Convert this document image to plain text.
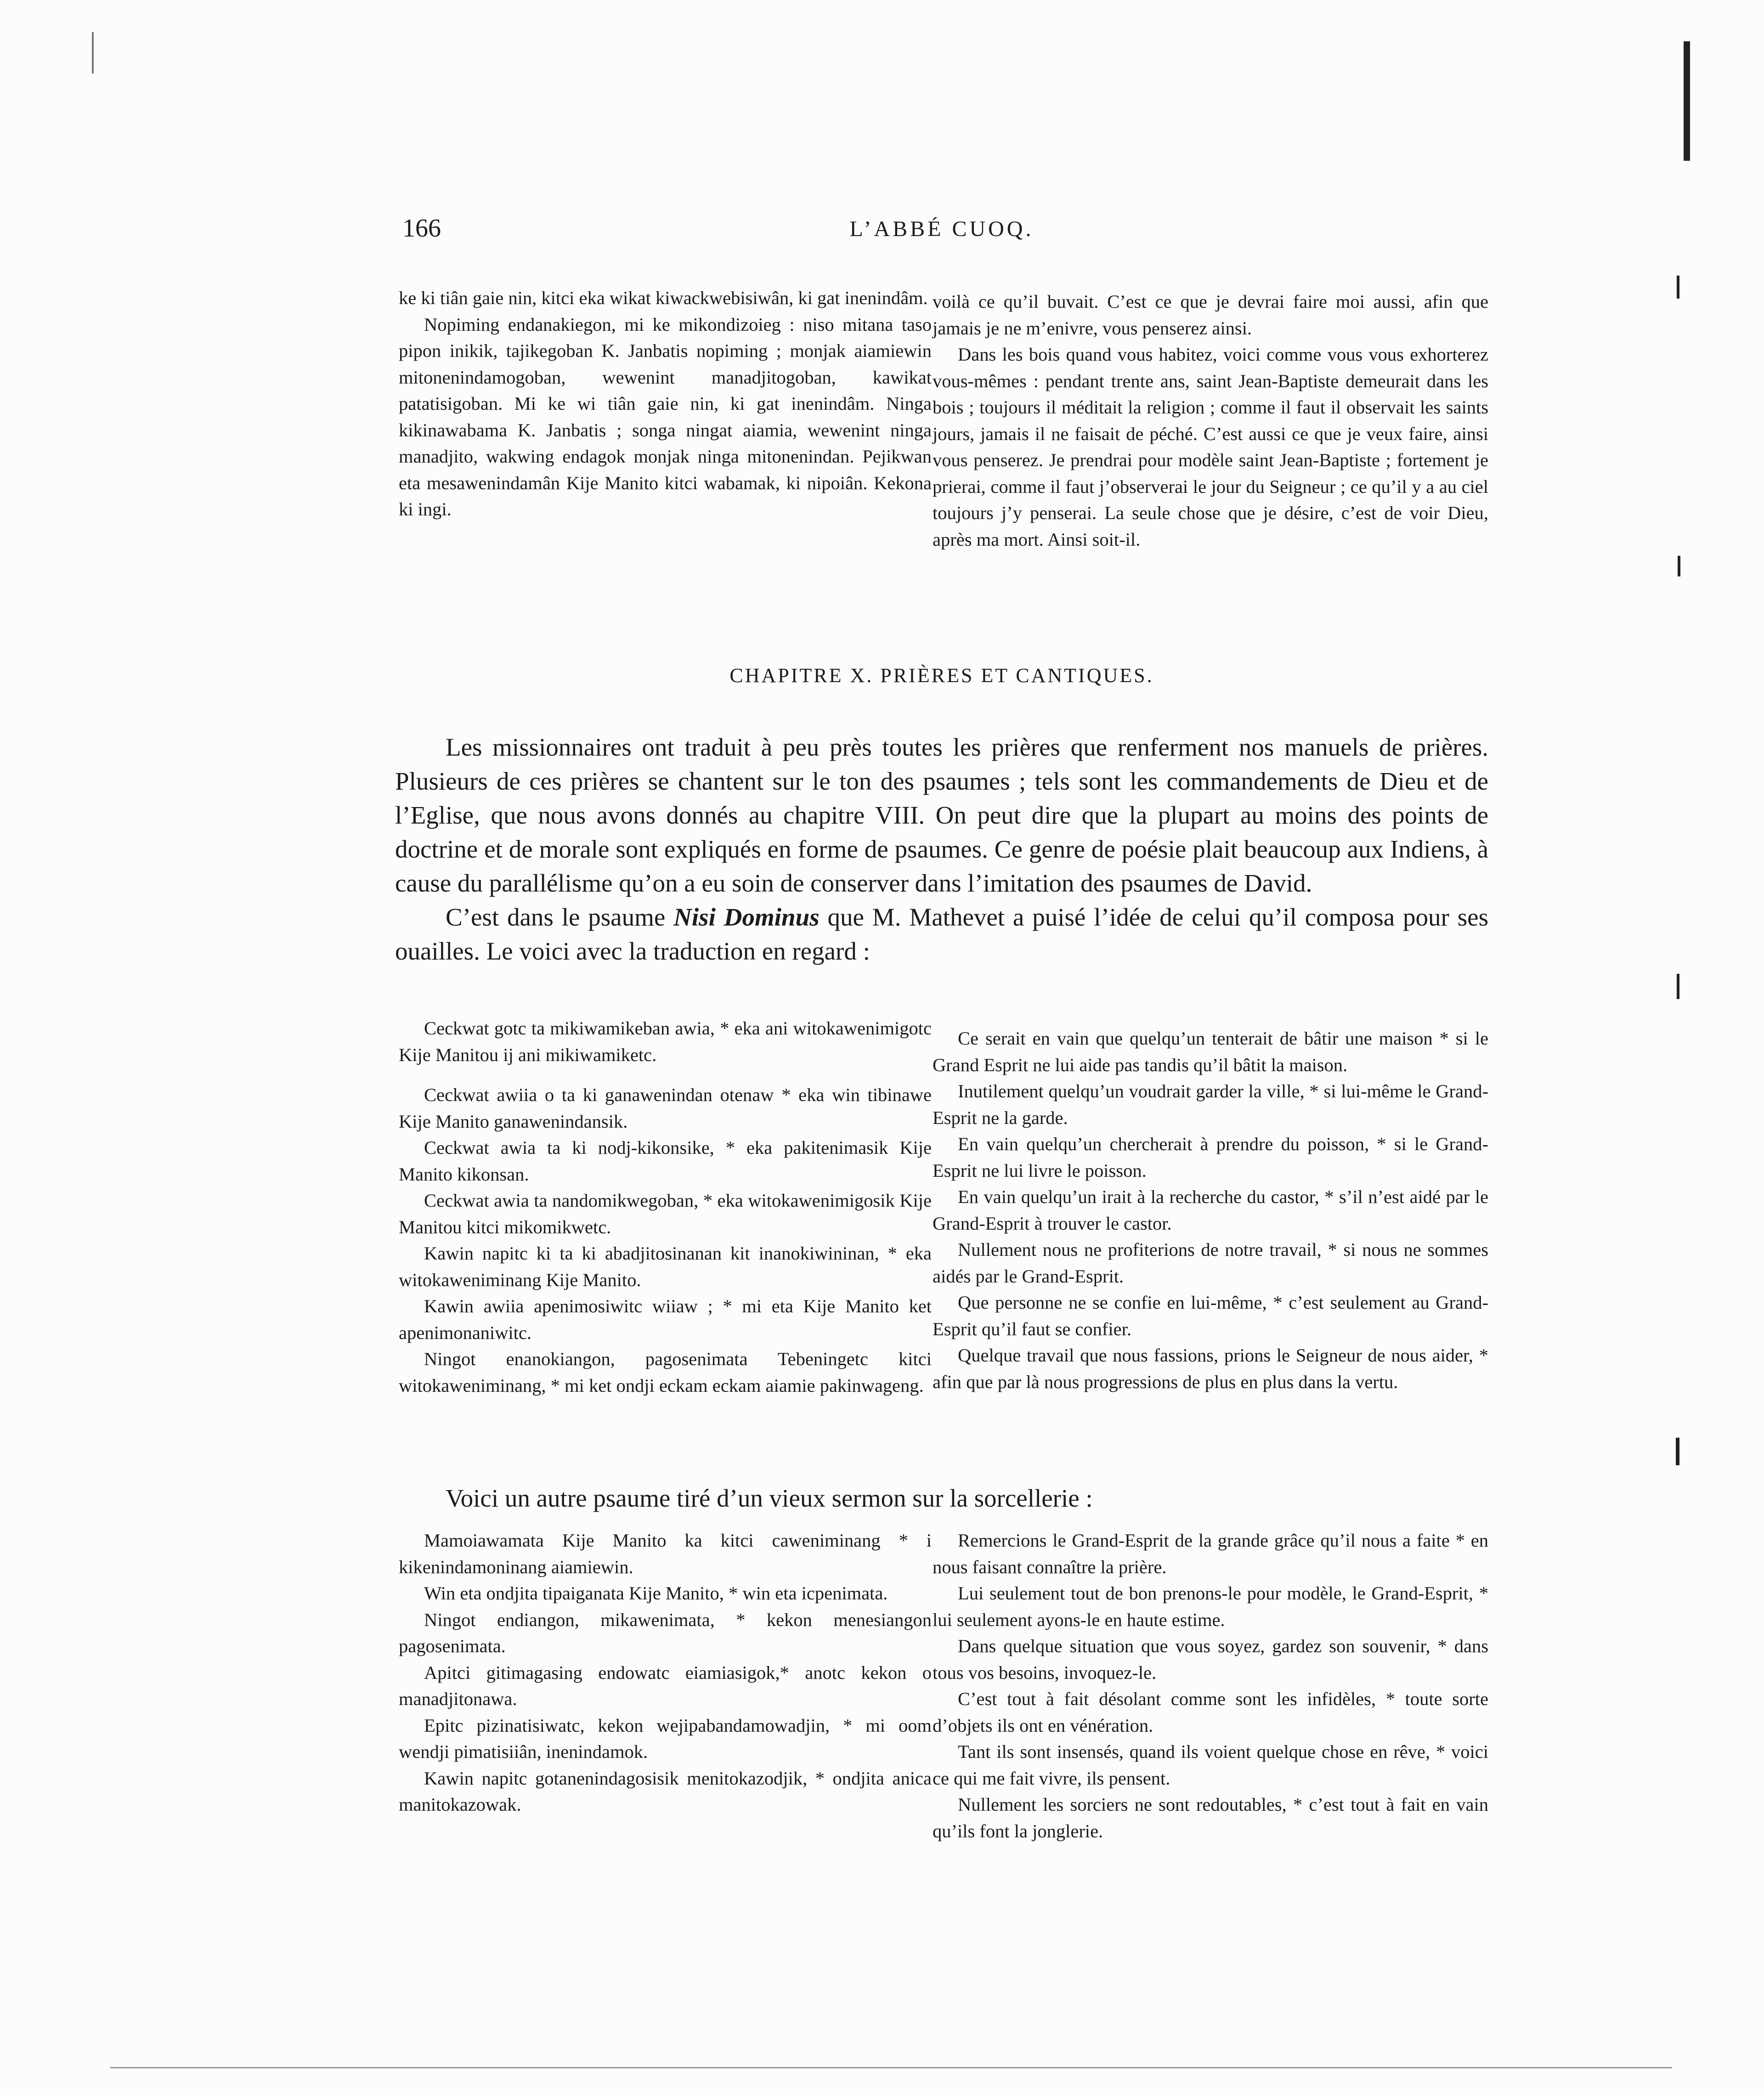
166	L’ABBÉ CUOQ.

ke ki tiân gaie nin, kitci eka wikat kiwackwebisiwân, ki gat inenindâm.

Nopiming endanakiegon, mi ke mikondizoieg : niso mitana taso pipon inikik, tajikegoban K. Janbatis nopiming ; monjak aiamiewin mitonenindamogoban, wewenint manadjitogoban, kawikat patatisigoban. Mi ke wi tiân gaie nin, ki gat inenindâm. Ninga kikinawabama K. Janbatis ; songa ningat aiamia, wewenint ninga manadjito, wakwing endagok monjak ninga mitonenindan. Pejikwan eta mesawenindamân Kije Manito kitci wabamak, ki nipoiân. Kekona ki ingi.

voilà ce qu’il buvait. C’est ce que je devrai faire moi aussi, afin que jamais je ne m’enivre, vous penserez ainsi.

Dans les bois quand vous habitez, voici comme vous vous exhorterez vous-mêmes : pendant trente ans, saint Jean-Baptiste demeurait dans les bois ; toujours il méditait la religion ; comme il faut il observait les saints jours, jamais il ne faisait de péché. C’est aussi ce que je veux faire, ainsi vous penserez. Je prendrai pour modèle saint Jean-Baptiste ; fortement je prierai, comme il faut j’observerai le jour du Seigneur ; ce qu’il y a au ciel toujours j’y penserai. La seule chose que je désire, c’est de voir Dieu, après ma mort. Ainsi soit-il.

CHAPITRE X. PRIÈRES ET CANTIQUES.

Les missionnaires ont traduit à peu près toutes les prières que renferment nos manuels de prières. Plusieurs de ces prières se chantent sur le ton des psaumes ; tels sont les commandements de Dieu et de l’Eglise, que nous avons donnés au chapitre VIII. On peut dire que la plupart au moins des points de doctrine et de morale sont expliqués en forme de psaumes. Ce genre de poésie plait beaucoup aux Indiens, à cause du parallélisme qu’on a eu soin de conserver dans l’imitation des psaumes de David.

C’est dans le psaume Nisi Dominus que M. Mathevet a puisé l’idée de celui qu’il composa pour ses ouailles. Le voici avec la traduction en regard :

Ceckwat gotc ta mikiwamikeban awia, * eka ani witokawenimigotc Kije Manitou ij ani mikiwamiketc.

Ceckwat awiia o ta ki ganawenindan otenaw * eka win tibinawe Kije Manito ganawenindansik.

Ceckwat awia ta ki nodj-kikonsike, * eka pakitenimasik Kije Manito kikonsan.

Ceckwat awia ta nandomikwegoban, * eka witokawenimigosik Kije Manitou kitci mikomikwetc.

Kawin napitc ki ta ki abadjitosinanan kit inanokiwininan, * eka witokaweniminang Kije Manito.

Kawin awiia apenimosiwitc wiiaw ; * mi eta Kije Manito ket apenimonaniwitc.

Ningot enanokiangon, pagosenimata Tebeningetc kitci witokaweniminang, * mi ket ondji eckam eckam aiamie pakinwageng.

Ce serait en vain que quelqu’un tenterait de bâtir une maison * si le Grand Esprit ne lui aide pas tandis qu’il bâtit la maison.

Inutilement quelqu’un voudrait garder la ville, * si lui-même le Grand-Esprit ne la garde.

En vain quelqu’un chercherait à prendre du poisson, * si le Grand-Esprit ne lui livre le poisson.

En vain quelqu’un irait à la recherche du castor, * s’il n’est aidé par le Grand-Esprit à trouver le castor.

Nullement nous ne profiterions de notre travail, * si nous ne sommes aidés par le Grand-Esprit.

Que personne ne se confie en lui-même, * c’est seulement au Grand-Esprit qu’il faut se confier.

Quelque travail que nous fassions, prions le Seigneur de nous aider, * afin que par là nous progressions de plus en plus dans la vertu.

Voici un autre psaume tiré d’un vieux sermon sur la sorcellerie :

Mamoiawamata Kije Manito ka kitci caweniminang * i kikenindamoninang aiamiewin.

Win eta ondjita tipaiganata Kije Manito, * win eta icpenimata.

Ningot endiangon, mikawenimata, * kekon menesiangon pagosenimata.

Apitci gitimagasing endowatc eiamiasigok,* anotc kekon o manadjitonawa.

Epitc pizinatisiwatc, kekon wejipabandamowadjin, * mi oom wendji pimatisiiân, inenindamok.

Kawin napitc gotanenindagosisik menitokazodjik, * ondjita anica manitokazowak.

Remercions le Grand-Esprit de la grande grâce qu’il nous a faite * en nous faisant connaître la prière.

Lui seulement tout de bon prenons-le pour modèle, le Grand-Esprit, * lui seulement ayons-le en haute estime.

Dans quelque situation que vous soyez, gardez son souvenir, * dans tous vos besoins, invoquez-le.

C’est tout à fait désolant comme sont les infidèles, * toute sorte d’objets ils ont en vénération.

Tant ils sont insensés, quand ils voient quelque chose en rêve, * voici ce qui me fait vivre, ils pensent.

Nullement les sorciers ne sont redoutables, * c’est tout à fait en vain qu’ils font la jonglerie.
